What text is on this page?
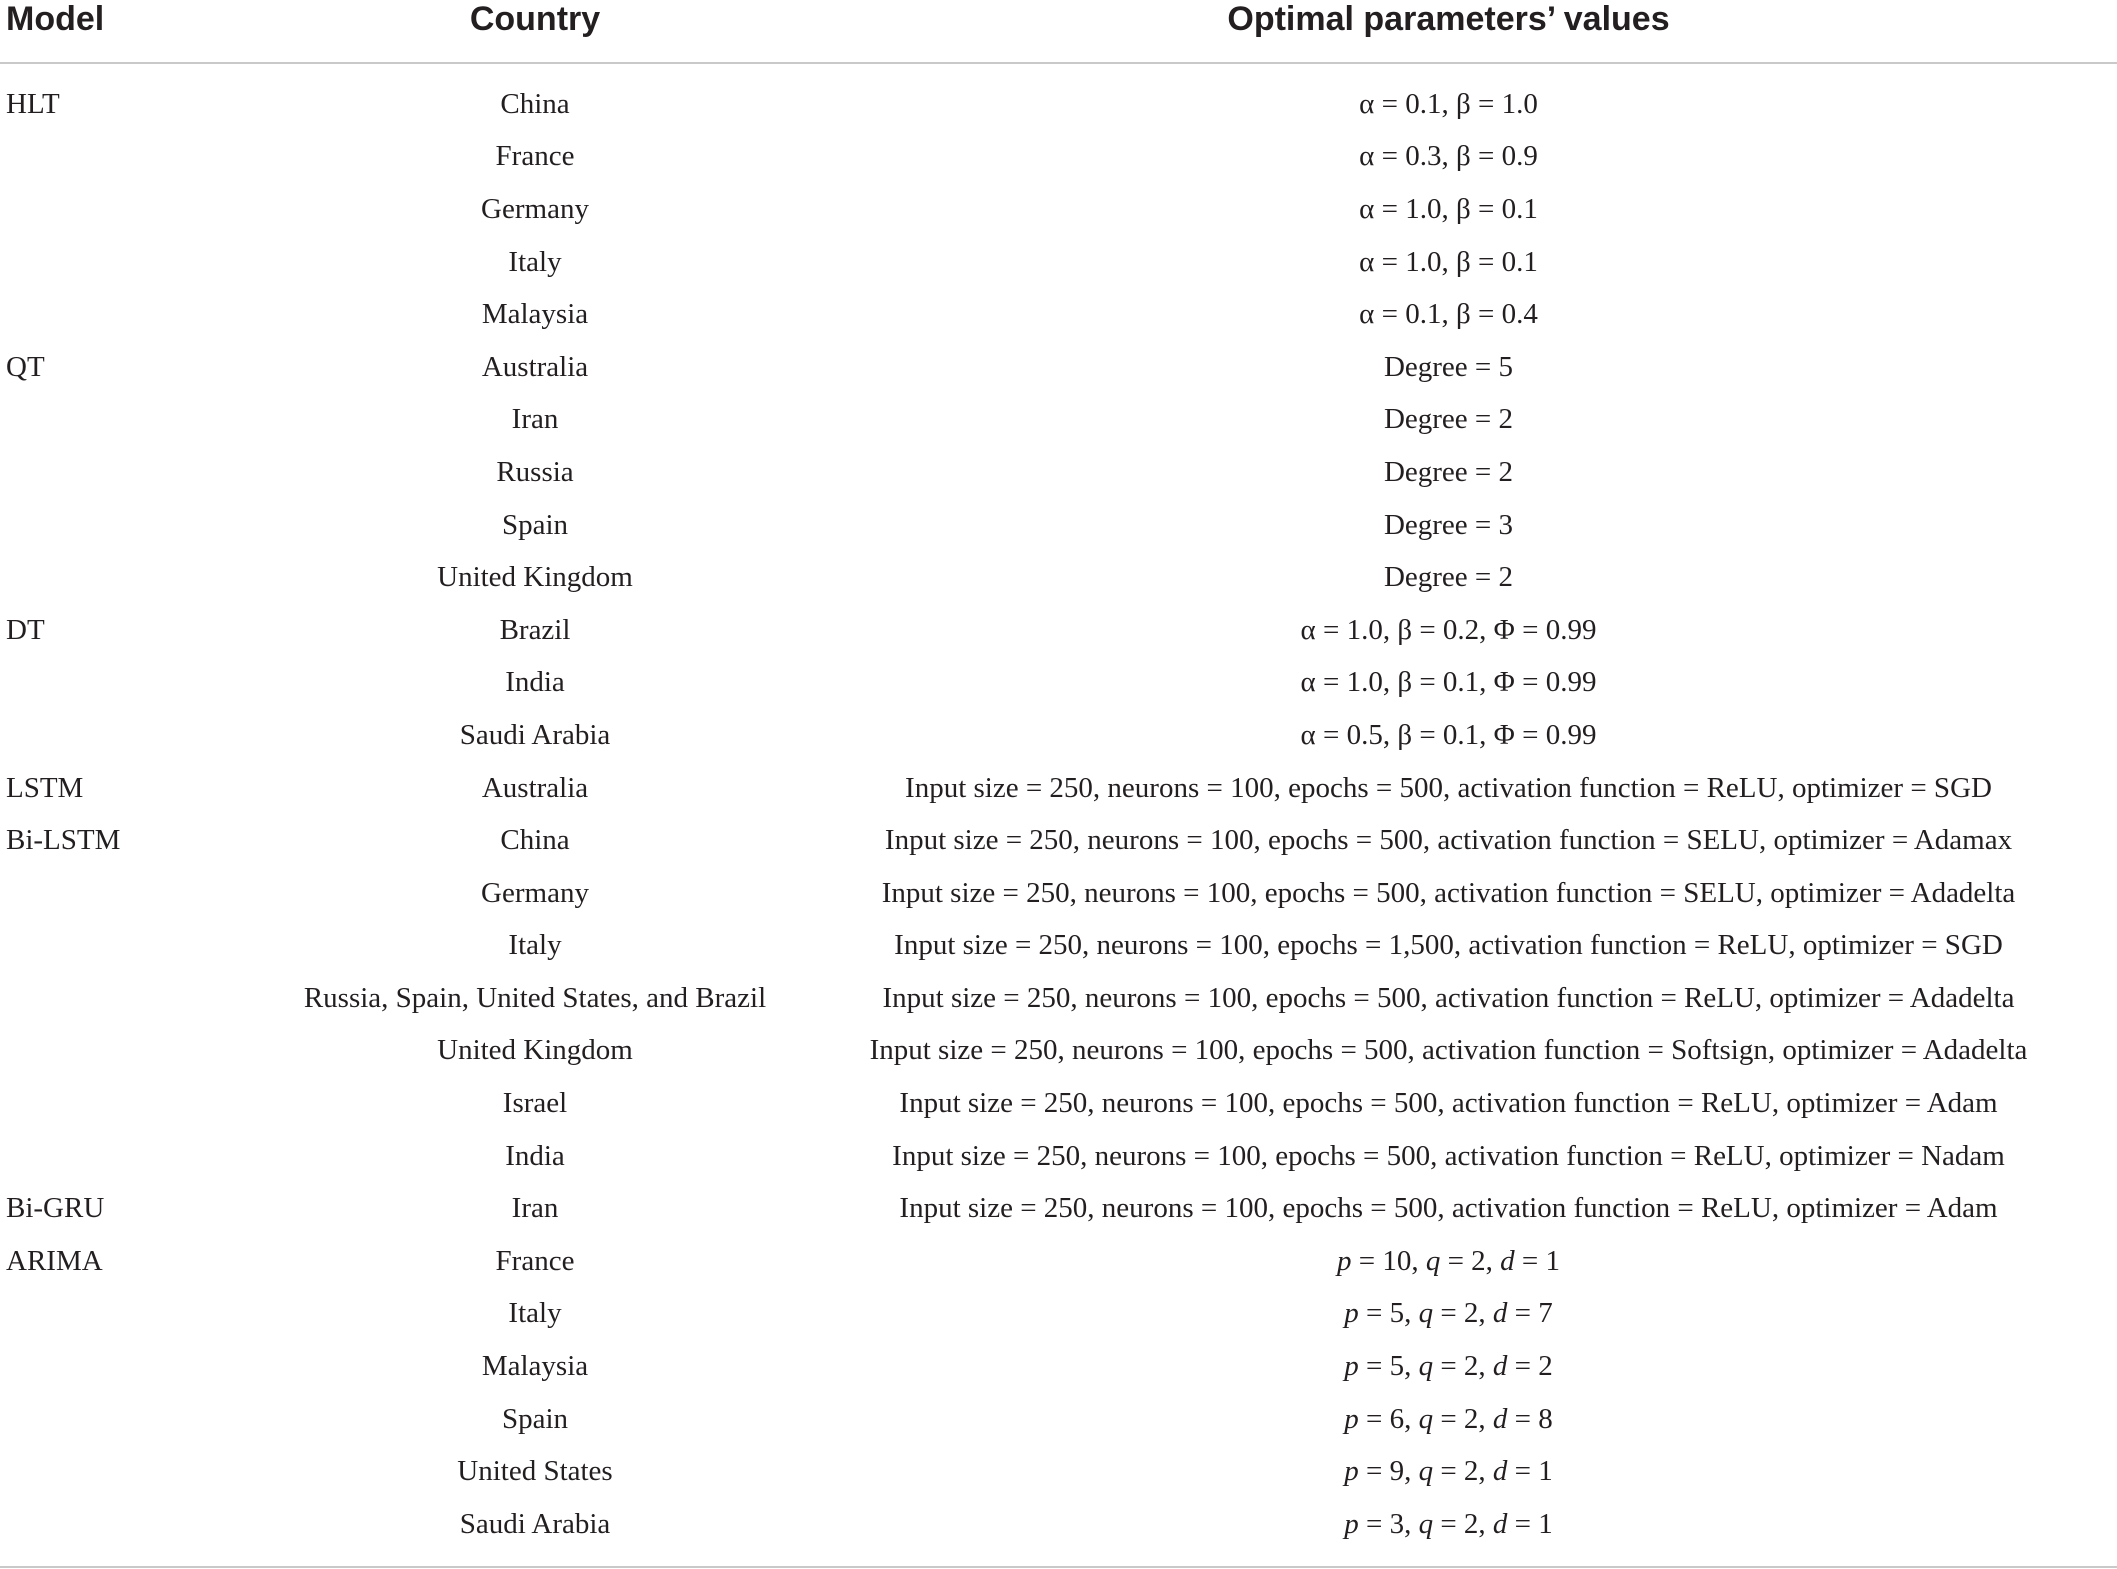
Model	Country	Optimal parameters’ values
HLT	China	α = 0.1, β = 1.0
	France	α = 0.3, β = 0.9
	Germany	α = 1.0, β = 0.1
	Italy	α = 1.0, β = 0.1
	Malaysia	α = 0.1, β = 0.4
QT	Australia	Degree = 5
	Iran	Degree = 2
	Russia	Degree = 2
	Spain	Degree = 3
	United Kingdom	Degree = 2
DT	Brazil	α = 1.0, β = 0.2, Φ = 0.99
	India	α = 1.0, β = 0.1, Φ = 0.99
	Saudi Arabia	α = 0.5, β = 0.1, Φ = 0.99
LSTM	Australia	Input size = 250, neurons = 100, epochs = 500, activation function = ReLU, optimizer = SGD
Bi-LSTM	China	Input size = 250, neurons = 100, epochs = 500, activation function = SELU, optimizer = Adamax
	Germany	Input size = 250, neurons = 100, epochs = 500, activation function = SELU, optimizer = Adadelta
	Italy	Input size = 250, neurons = 100, epochs = 1,500, activation function = ReLU, optimizer = SGD
	Russia, Spain, United States, and Brazil	Input size = 250, neurons = 100, epochs = 500, activation function = ReLU, optimizer = Adadelta
	United Kingdom	Input size = 250, neurons = 100, epochs = 500, activation function = Softsign, optimizer = Adadelta
	Israel	Input size = 250, neurons = 100, epochs = 500, activation function = ReLU, optimizer = Adam
	India	Input size = 250, neurons = 100, epochs = 500, activation function = ReLU, optimizer = Nadam
Bi-GRU	Iran	Input size = 250, neurons = 100, epochs = 500, activation function = ReLU, optimizer = Adam
ARIMA	France	p = 10, q = 2, d = 1
	Italy	p = 5, q = 2, d = 7
	Malaysia	p = 5, q = 2, d = 2
	Spain	p = 6, q = 2, d = 8
	United States	p = 9, q = 2, d = 1
	Saudi Arabia	p = 3, q = 2, d = 1
